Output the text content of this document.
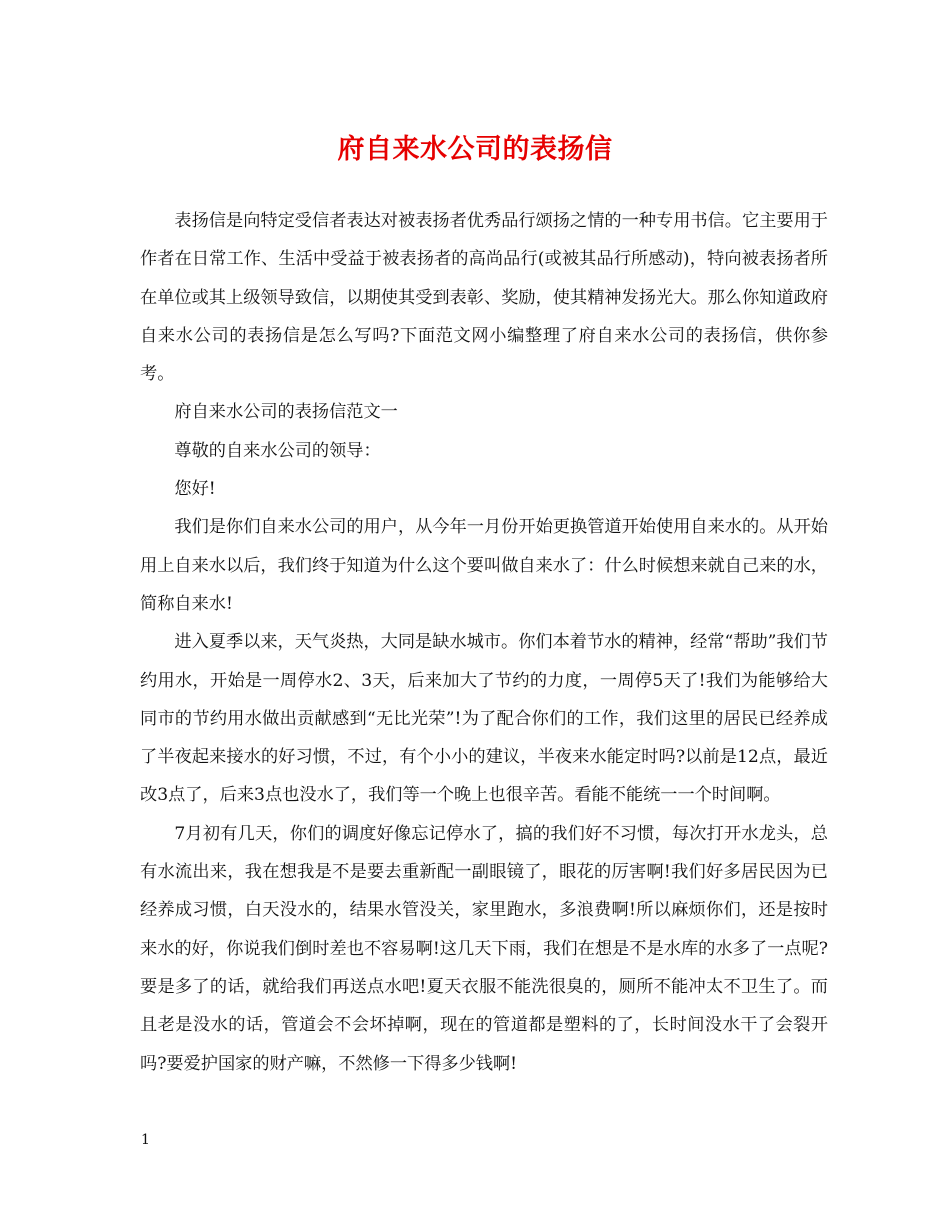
府自来水公司的表扬信

表扬信是向特定受信者表达对被表扬者优秀品行颂扬之情的一种专用书信。它主要用于作者在日常工作、生活中受益于被表扬者的高尚品行(或被其品行所感动)，特向被表扬者所在单位或其上级领导致信，以期使其受到表彰、奖励，使其精神发扬光大。那么你知道政府自来水公司的表扬信是怎么写吗?下面范文网小编整理了府自来水公司的表扬信，供你参考。

府自来水公司的表扬信范文一

尊敬的自来水公司的领导：

您好!

我们是你们自来水公司的用户，从今年一月份开始更换管道开始使用自来水的。从开始用上自来水以后，我们终于知道为什么这个要叫做自来水了：什么时候想来就自己来的水，简称自来水!

进入夏季以来，天气炎热，大同是缺水城市。你们本着节水的精神，经常“帮助”我们节约用水，开始是一周停水2、3天，后来加大了节约的力度，一周停5天了!我们为能够给大同市的节约用水做出贡献感到“无比光荣”!为了配合你们的工作，我们这里的居民已经养成了半夜起来接水的好习惯，不过，有个小小的建议，半夜来水能定时吗?以前是12点，最近改3点了，后来3点也没水了，我们等一个晚上也很辛苦。看能不能统一一个时间啊。

7月初有几天，你们的调度好像忘记停水了，搞的我们好不习惯，每次打开水龙头，总有水流出来，我在想我是不是要去重新配一副眼镜了，眼花的厉害啊!我们好多居民因为已经养成习惯，白天没水的，结果水管没关，家里跑水，多浪费啊!所以麻烦你们，还是按时来水的好，你说我们倒时差也不容易啊!这几天下雨，我们在想是不是水库的水多了一点呢?要是多了的话，就给我们再送点水吧!夏天衣服不能洗很臭的，厕所不能冲太不卫生了。而且老是没水的话，管道会不会坏掉啊，现在的管道都是塑料的了，长时间没水干了会裂开吗?要爱护国家的财产嘛，不然修一下得多少钱啊!

1
